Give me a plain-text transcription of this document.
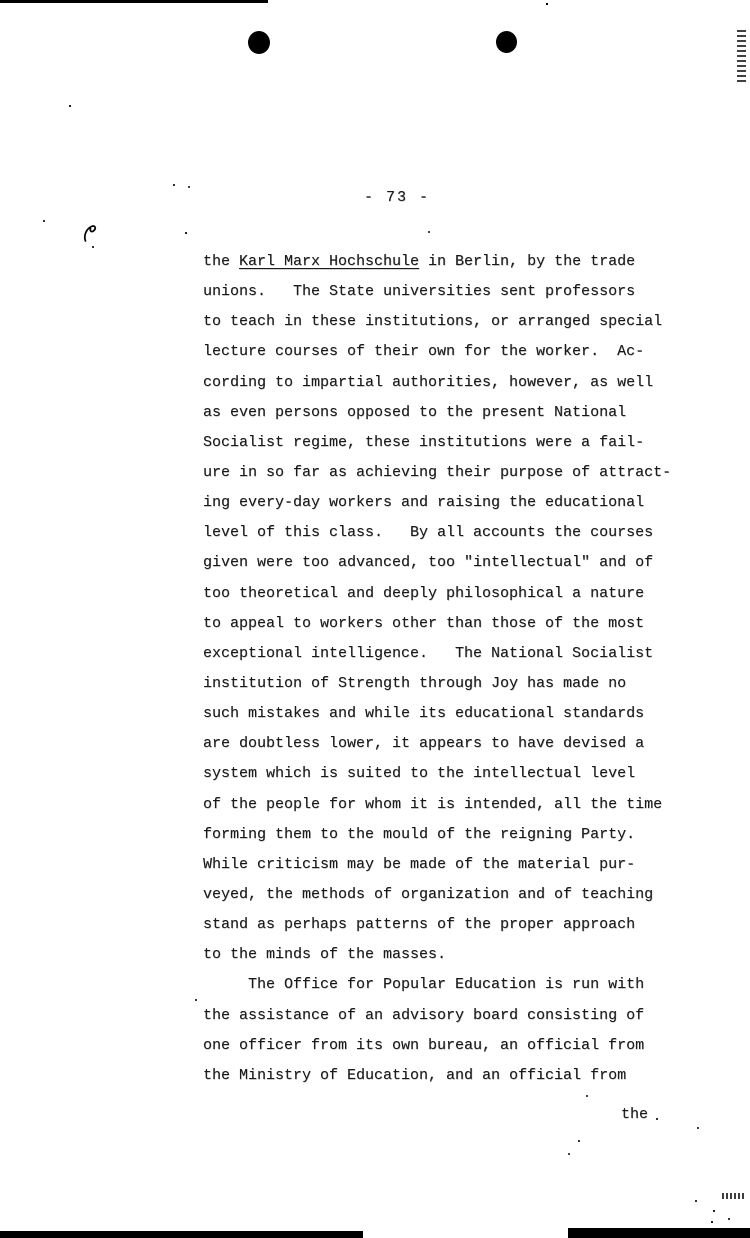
- 73 -
the Karl Marx Hochschule in Berlin, by the trade
unions.   The State universities sent professors
to teach in these institutions, or arranged special
lecture courses of their own for the worker.  Ac-
cording to impartial authorities, however, as well
as even persons opposed to the present National
Socialist regime, these institutions were a fail-
ure in so far as achieving their purpose of attract-
ing every-day workers and raising the educational
level of this class.   By all accounts the courses
given were too advanced, too "intellectual" and of
too theoretical and deeply philosophical a nature
to appeal to workers other than those of the most
exceptional intelligence.   The National Socialist
institution of Strength through Joy has made no
such mistakes and while its educational standards
are doubtless lower, it appears to have devised a
system which is suited to the intellectual level
of the people for whom it is intended, all the time
forming them to the mould of the reigning Party.
While criticism may be made of the material pur-
veyed, the methods of organization and of teaching
stand as perhaps patterns of the proper approach
to the minds of the masses.
The Office for Popular Education is run with
the assistance of an advisory board consisting of
one officer from its own bureau, an official from
the Ministry of Education, and an official from
the
